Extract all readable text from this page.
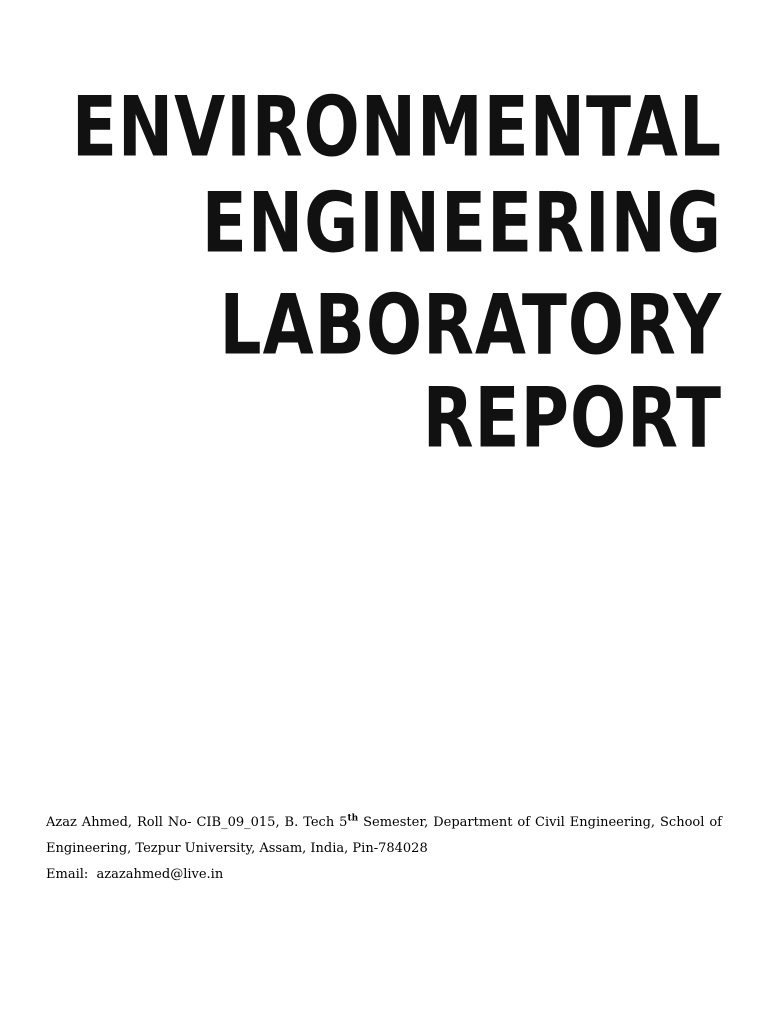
ENVIRONMENTAL
ENGINEERING
LABORATORY
REPORT
Azaz Ahmed, Roll No- CIB_09_015, B. Tech 5th Semester, Department of Civil Engineering, School of
Engineering, Tezpur University, Assam, India, Pin-784028
Email: azazahmed@live.in
